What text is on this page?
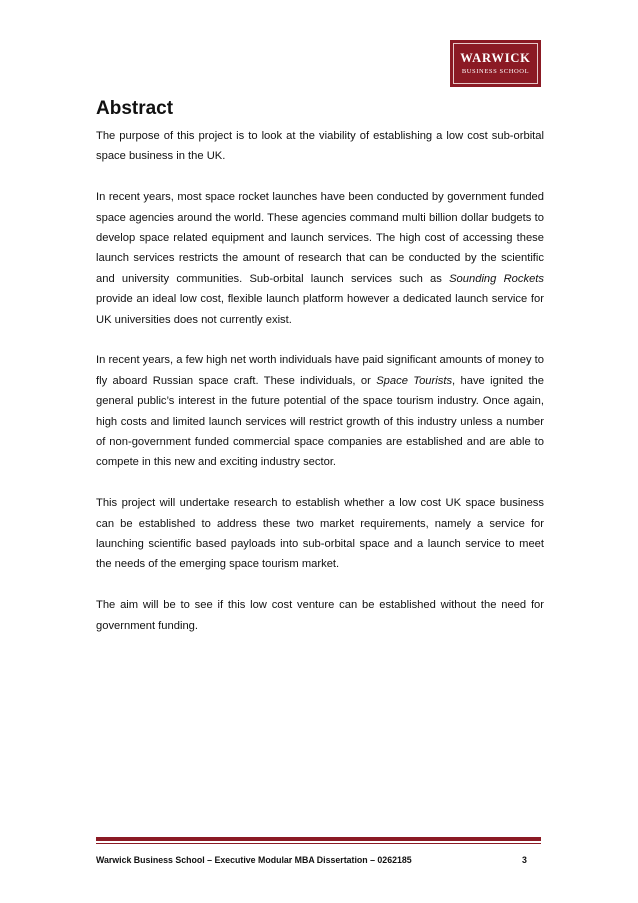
WARWICK
BUSINESS SCHOOL
Abstract

The purpose of this project is to look at the viability of establishing a low cost sub-orbital space business in the UK.

In recent years, most space rocket launches have been conducted by government funded space agencies around the world. These agencies command multi billion dollar budgets to develop space related equipment and launch services. The high cost of accessing these launch services restricts the amount of research that can be conducted by the scientific and university communities. Sub-orbital launch services such as Sounding Rockets provide an ideal low cost, flexible launch platform however a dedicated launch service for UK universities does not currently exist.

In recent years, a few high net worth individuals have paid significant amounts of money to fly aboard Russian space craft. These individuals, or Space Tourists, have ignited the general public’s interest in the future potential of the space tourism industry. Once again, high costs and limited launch services will restrict growth of this industry unless a number of non-government funded commercial space companies are established and are able to compete in this new and exciting industry sector.

This project will undertake research to establish whether a low cost UK space business can be established to address these two market requirements, namely a service for launching scientific based payloads into sub-orbital space and a launch service to meet the needs of the emerging space tourism market.

The aim will be to see if this low cost venture can be established without the need for government funding.

Warwick Business School – Executive Modular MBA Dissertation – 0262185	3
